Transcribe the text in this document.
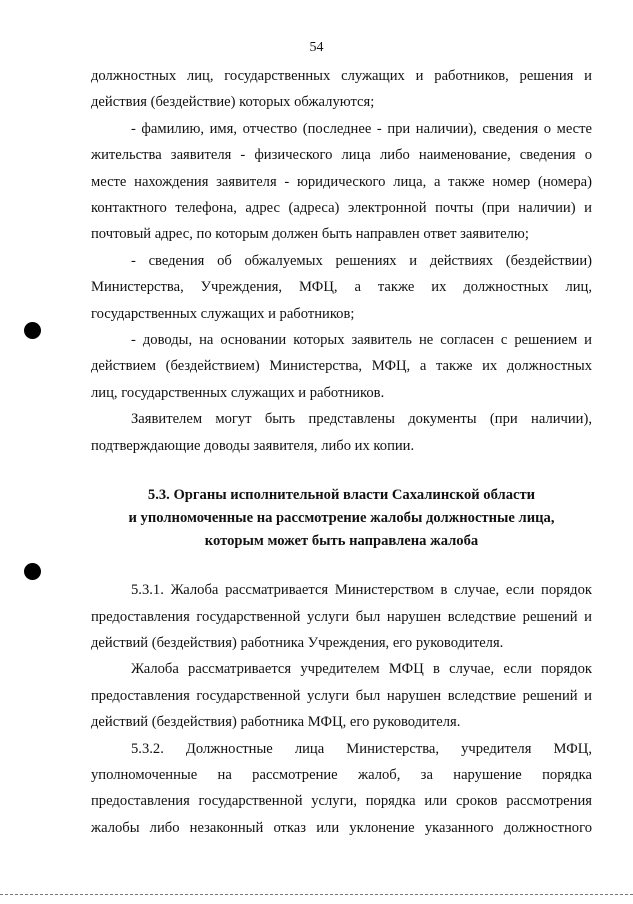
54
должностных лиц, государственных служащих и работников, решения и
действия (бездействие) которых обжалуются;
- фамилию, имя, отчество (последнее - при наличии), сведения о месте
жительства заявителя - физического лица либо наименование, сведения о
месте нахождения заявителя - юридического лица, а также номер (номера)
контактного телефона, адрес (адреса) электронной почты (при наличии) и
почтовый адрес, по которым должен быть направлен ответ заявителю;
- сведения об обжалуемых решениях и действиях (бездействии)
Министерства, Учреждения, МФЦ, а также их должностных лиц,
государственных служащих и работников;
- доводы, на основании которых заявитель не согласен с решением и
действием (бездействием) Министерства, МФЦ, а также их должностных
лиц, государственных служащих и работников.
Заявителем могут быть представлены документы (при наличии),
подтверждающие доводы заявителя, либо их копии.
5.3. Органы исполнительной власти Сахалинской области
и уполномоченные на рассмотрение жалобы должностные лица,
которым может быть направлена жалоба
5.3.1. Жалоба рассматривается Министерством в случае, если порядок
предоставления государственной услуги был нарушен вследствие решений и
действий (бездействия) работника Учреждения, его руководителя.
Жалоба рассматривается учредителем МФЦ в случае, если порядок
предоставления государственной услуги был нарушен вследствие решений и
действий (бездействия) работника МФЦ, его руководителя.
5.3.2. Должностные лица Министерства, учредителя МФЦ,
уполномоченные на рассмотрение жалоб, за нарушение порядка
предоставления государственной услуги, порядка или сроков рассмотрения
жалобы либо незаконный отказ или уклонение указанного должностного
